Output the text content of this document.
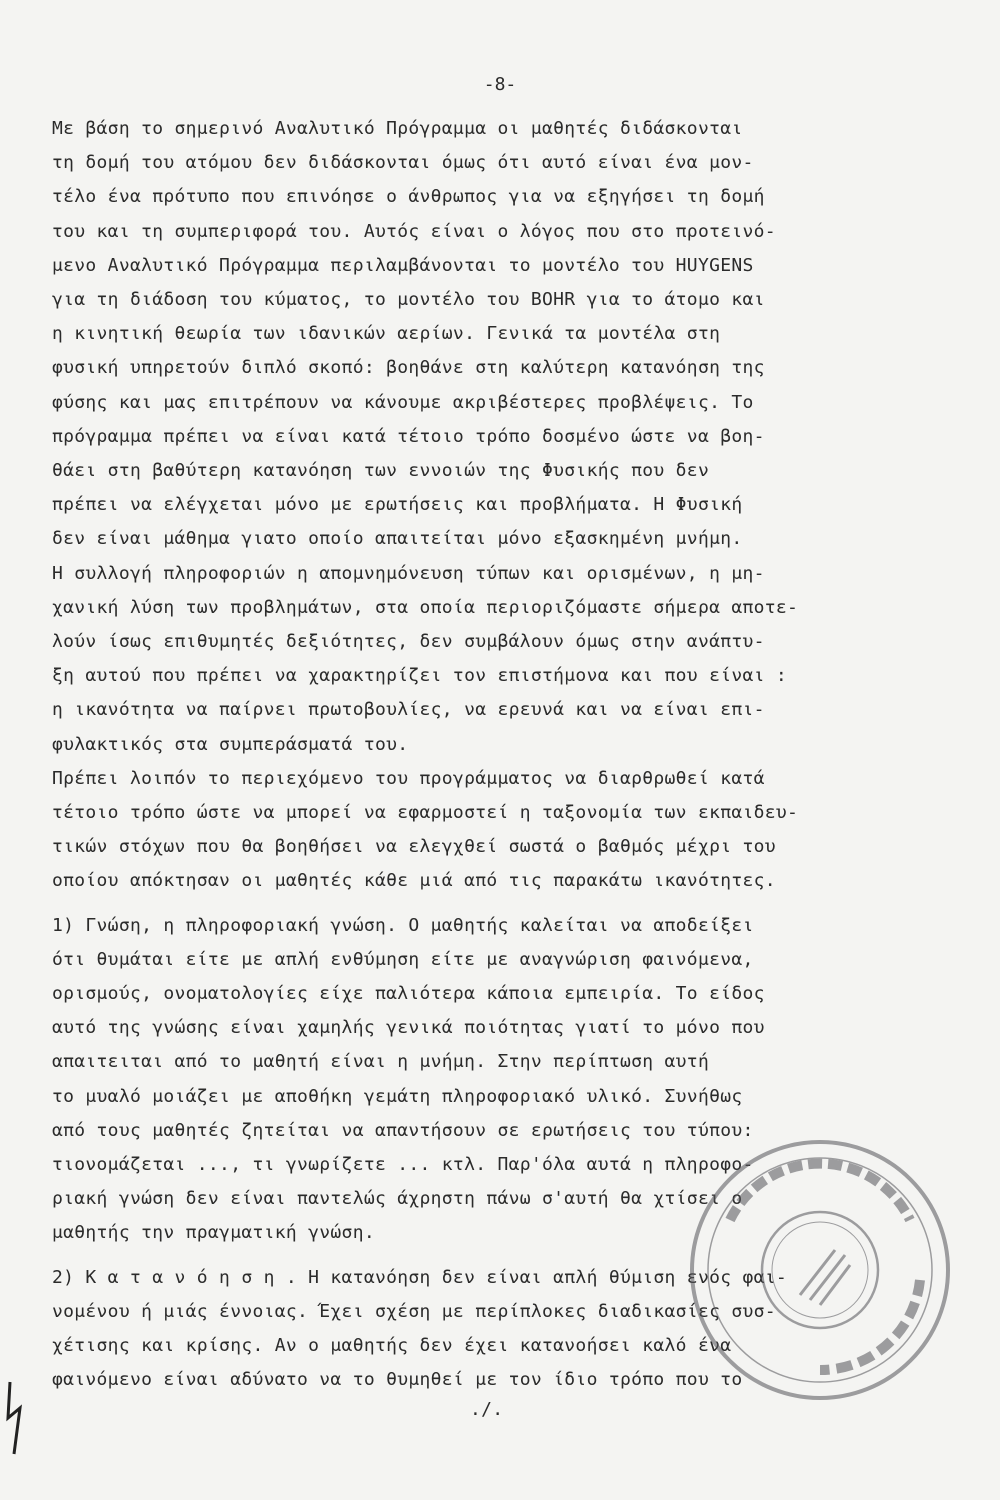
-8-
Με βάση το σημερινό Αναλυτικό Πρόγραμμα οι μαθητές διδάσκονται
τη δομή του ατόμου δεν διδάσκονται όμως ότι αυτό είναι ένα μον-
τέλο ένα πρότυπο που επινόησε ο άνθρωπος για να εξηγήσει τη δομή
του και τη συμπεριφορά του. Αυτός είναι ο λόγος που στο προτεινό-
μενο Αναλυτικό Πρόγραμμα περιλαμβάνονται το μοντέλο του HUYGENS
για τη διάδοση του κύματος, το μοντέλο του BOHR για το άτομο και
η κινητική θεωρία των ιδανικών αερίων. Γενικά τα μοντέλα στη
φυσική υπηρετούν διπλό σκοπό: βοηθάνε στη καλύτερη κατανόηση της
φύσης και μας επιτρέπουν να κάνουμε ακριβέστερες προβλέψεις. Το
πρόγραμμα πρέπει να είναι κατά τέτοιο τρόπο δοσμένο ώστε να βοη-
θάει στη βαθύτερη κατανόηση των εννοιών της Φυσικής που δεν
πρέπει να ελέγχεται μόνο με ερωτήσεις και προβλήματα. Η Φυσική
δεν είναι μάθημα γιατο οποίο απαιτείται μόνο εξασκημένη μνήμη.
Η συλλογή πληροφοριών η απομνημόνευση τύπων και ορισμένων, η μη-
χανική λύση των προβλημάτων, στα οποία περιοριζόμαστε σήμερα αποτε-
λούν ίσως επιθυμητές δεξιότητες, δεν συμβάλουν όμως στην ανάπτυ-
ξη αυτού που πρέπει να χαρακτηρίζει τον επιστήμονα και που είναι :
η ικανότητα να παίρνει πρωτοβουλίες, να ερευνά και να είναι επι-
φυλακτικός στα συμπεράσματά του.
Πρέπει λοιπόν το περιεχόμενο του προγράμματος να διαρθρωθεί κατά
τέτοιο τρόπο ώστε να μπορεί να εφαρμοστεί η ταξονομία των εκπαιδευ-
τικών στόχων που θα βοηθήσει να ελεγχθεί σωστά ο βαθμός μέχρι του
οποίου απόκτησαν οι μαθητές κάθε μιά από τις παρακάτω ικανότητες.
1) Γνώση, η πληροφοριακή γνώση. Ο μαθητής καλείται να αποδείξει
ότι θυμάται είτε με απλή ενθύμηση είτε με αναγνώριση φαινόμενα,
ορισμούς, ονοματολογίες είχε παλιότερα κάποια εμπειρία. Το είδος
αυτό της γνώσης είναι χαμηλής γενικά ποιότητας γιατί το μόνο που
απαιτειται από το μαθητή είναι η μνήμη. Στην περίπτωση αυτή
το μυαλό μοιάζει με αποθήκη γεμάτη πληροφοριακό υλικό. Συνήθως
από τους μαθητές ζητείται να απαντήσουν σε ερωτήσεις του τύπου:
τιονομάζεται ..., τι γνωρίζετε ... κτλ. Παρ'όλα αυτά η πληροφο-
ριακή γνώση δεν είναι παντελώς άχρηστη πάνω σ'αυτή θα χτίσει ο
μαθητής την πραγματική γνώση.
2) Κ α τ α ν ό η σ η . Η κατανόηση δεν είναι απλή θύμιση ενός φαι-
νομένου ή μιάς έννοιας. Έχει σχέση με περίπλοκες διαδικασίες συσ-
χέτισης και κρίσης. Αν ο μαθητής δεν έχει κατανοήσει καλό ένα
φαινόμενο είναι αδύνατο να το θυμηθεί με τον ίδιο τρόπο που το
./.
